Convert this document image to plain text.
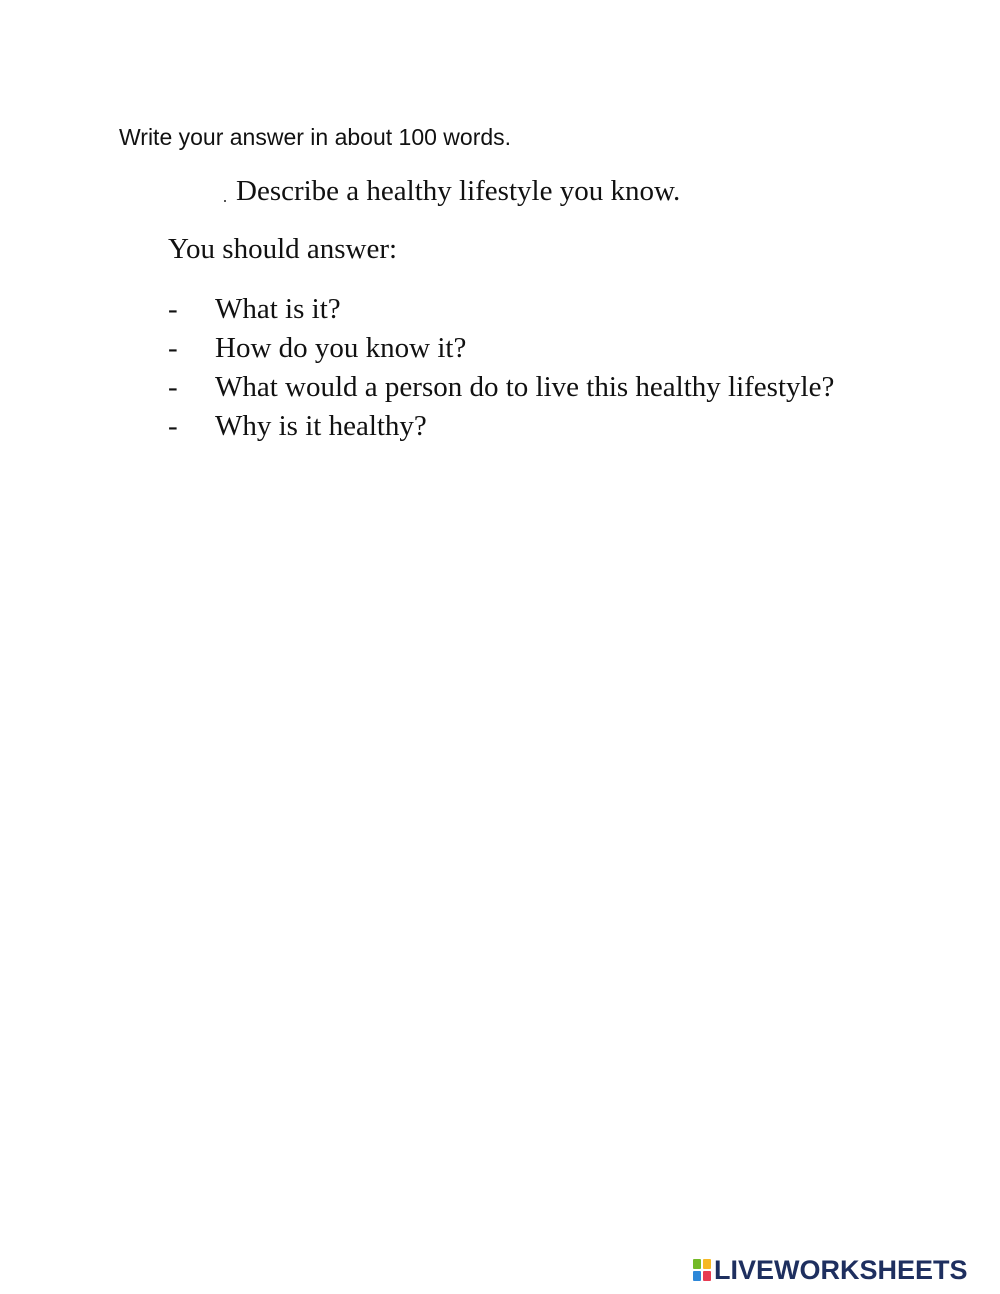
Write your answer in about 100 words.
Describe a healthy lifestyle you know.
You should answer:
-	What is it?
-	How do you know it?
-	What would a person do to live this healthy lifestyle?
-	Why is it healthy?
LIVEWORKSHEETS
